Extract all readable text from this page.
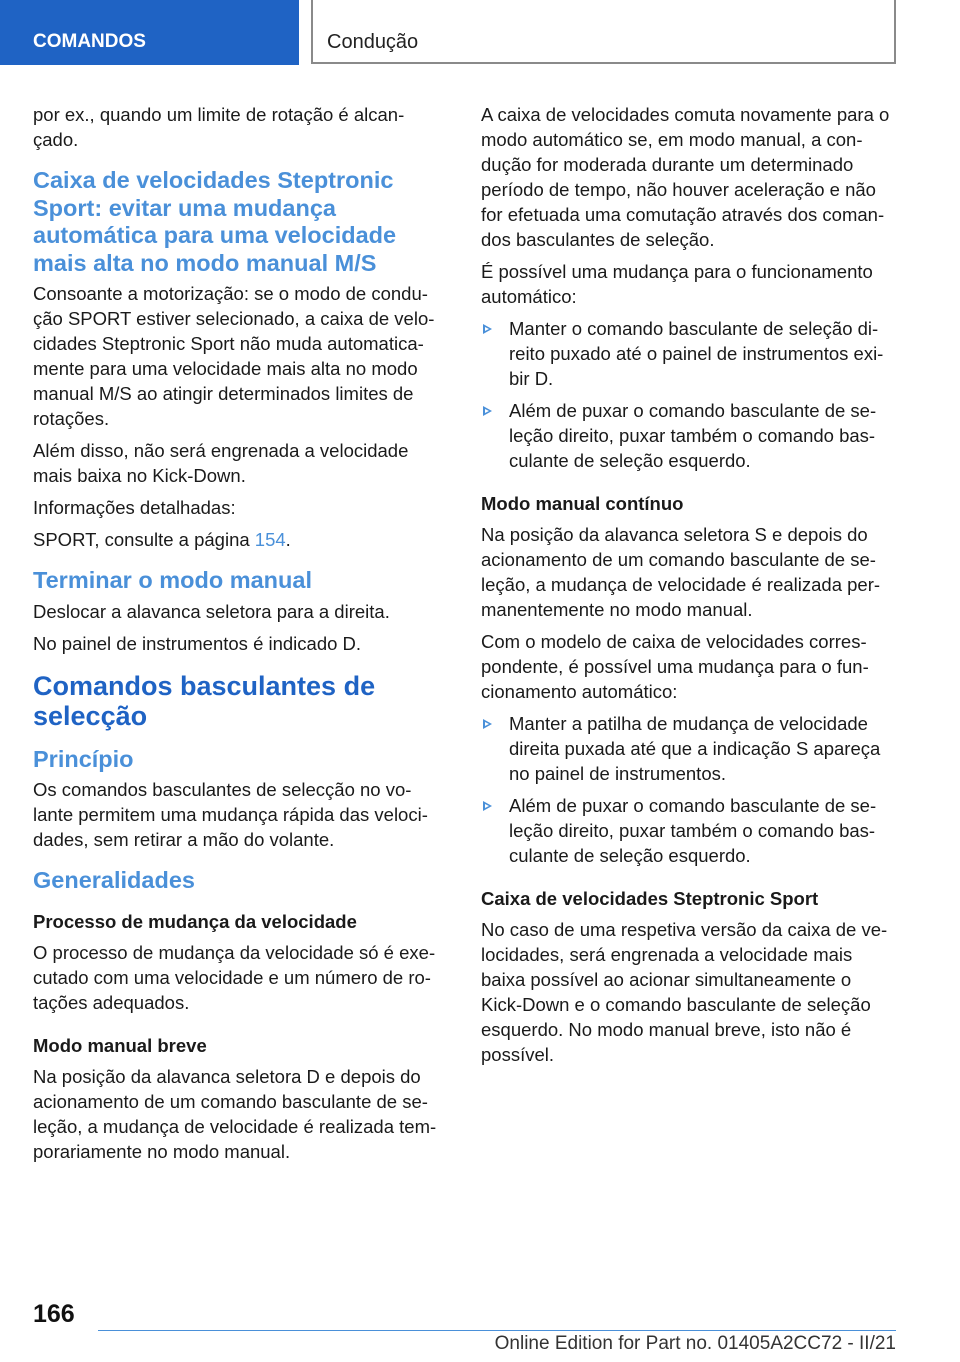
COMANDOS	Condução

por ex., quando um limite de rotação é alcan-çado.

Caixa de velocidades Steptronic Sport: evitar uma mudança automática para uma velocidade mais alta no modo manual M/S

Consoante a motorização: se o modo de condu-ção SPORT estiver selecionado, a caixa de velo-cidades Steptronic Sport não muda automatica-mente para uma velocidade mais alta no modo manual M/S ao atingir determinados limites de rotações.

Além disso, não será engrenada a velocidade mais baixa no Kick-Down.

Informações detalhadas:

SPORT, consulte a página 154.

Terminar o modo manual

Deslocar a alavanca seletora para a direita.

No painel de instrumentos é indicado D.

Comandos basculantes de selecção
Princípio

Os comandos basculantes de selecção no vo-lante permitem uma mudança rápida das veloci-dades, sem retirar a mão do volante.

Generalidades
Processo de mudança da velocidade

O processo de mudança da velocidade só é exe-cutado com uma velocidade e um número de ro-tações adequados.

Modo manual breve

Na posição da alavanca seletora D e depois do acionamento de um comando basculante de se-leção, a mudança de velocidade é realizada tem-porariamente no modo manual.

A caixa de velocidades comuta novamente para o modo automático se, em modo manual, a con-dução for moderada durante um determinado período de tempo, não houver aceleração e não for efetuada uma comutação através dos coman-dos basculantes de seleção.

É possível uma mudança para o funcionamento automático:

Manter o comando basculante de seleção di-reito puxado até o painel de instrumentos exi-bir D.
Além de puxar o comando basculante de se-leção direito, puxar também o comando bas-culante de seleção esquerdo.
Modo manual contínuo

Na posição da alavanca seletora S e depois do acionamento de um comando basculante de se-leção, a mudança de velocidade é realizada per-manentemente no modo manual.

Com o modelo de caixa de velocidades corres-pondente, é possível uma mudança para o fun-cionamento automático:

Manter a patilha de mudança de velocidade direita puxada até que a indicação S apareça no painel de instrumentos.
Além de puxar o comando basculante de se-leção direito, puxar também o comando bas-culante de seleção esquerdo.
Caixa de velocidades Steptronic Sport

No caso de uma respetiva versão da caixa de ve-locidades, será engrenada a velocidade mais baixa possível ao acionar simultaneamente o Kick-Down e o comando basculante de seleção esquerdo. No modo manual breve, isto não é possível.

166
Online Edition for Part no. 01405A2CC72 - II/21
